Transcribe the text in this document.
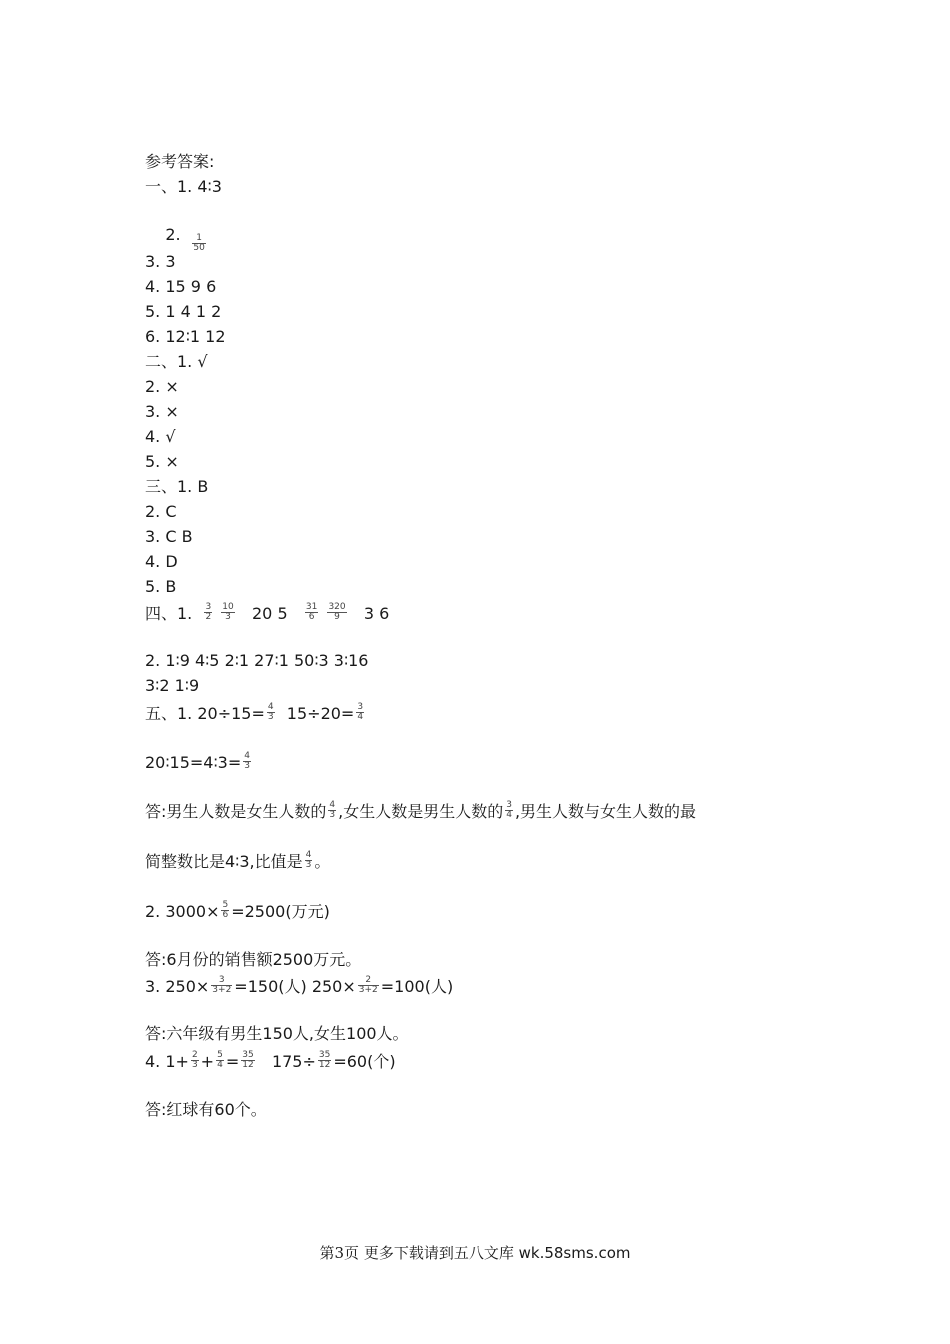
参考答案:
一、1. 4∶3

2.

$\frac{1}{50}$

3. 3
4. 15 9 6
5. 1 4 1 2
6. 12∶1 12
二、1. √
2. ×
3. ×
4. √
5. ×
三、1. B
2. C
3. C B
4. D
5. B
四、1. $\frac{3}{2}$
$\frac{10}{3} 20$ $5 \frac{31}{6}$
$\frac{320}{9} 3$ 6
2. 1∶9 4∶5 2∶1 27∶1 50∶3 3∶16
3∶2 1∶9
五、1. $20\div 15= \frac{4}{3} 15\div 20= \frac{3}{4}$
20∶15=4∶3= $\frac{4}{3}$
答:男生人数是女生人数的 $\frac{4}{3}$ ,女生人数是男生人数的 $\frac{3}{4}$ ,男生人数与女生人数的最
简整数比是4∶3,比值是 $\frac{4}{3}$ 。
2. $3000\times \frac{5}{6} =2500$(万元)
答:6月份的销售额2500万元。
3. $250\times \frac{3}{3+2} =150$(人) $250\times \frac{2}{3+2} =100$(人)
答:六年级有男生150人,女生100人。
4. $1+ \frac{2}{3} + \frac{5}{4} = \frac{35}{12} 175\div \frac{35}{12} =60$(个)
答:红球有60个。
第3页 更多下载请到五八文库 wk.58sms.com
